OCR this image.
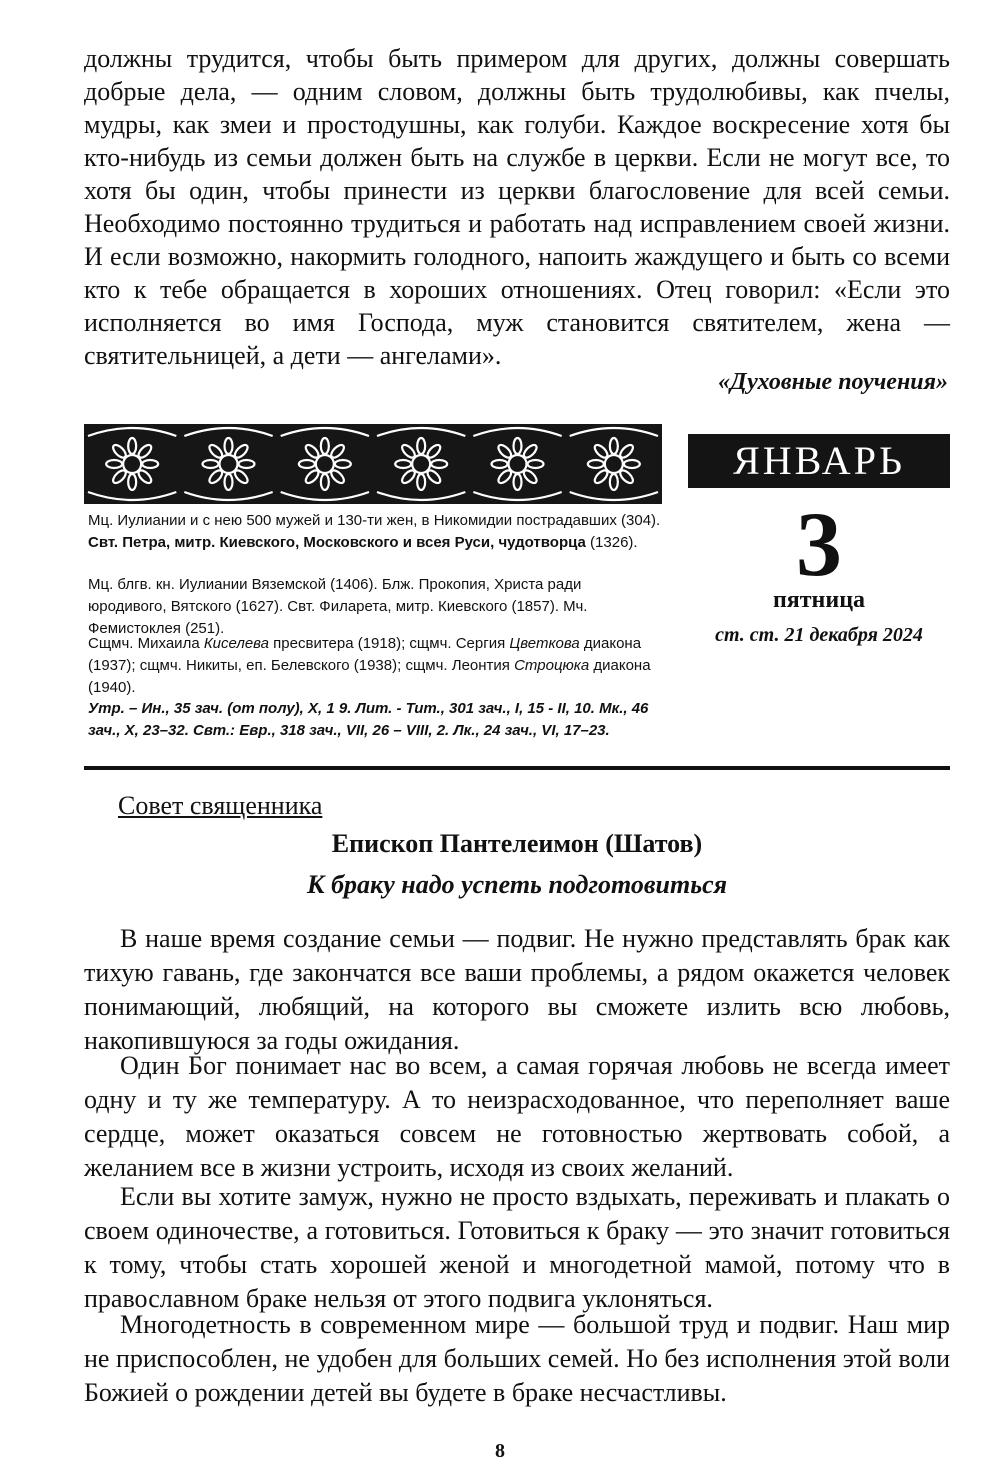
должны трудится, чтобы быть примером для других, должны совершать добрые дела, — одним словом, должны быть трудолюбивы, как пчелы, мудры, как змеи и простодушны, как голуби. Каждое воскресение хотя бы кто-нибудь из семьи должен быть на службе в церкви. Если не могут все, то хотя бы один, чтобы принести из церкви благословение для всей семьи. Необходимо постоянно трудиться и работать над исправлением своей жизни. И если возможно, накормить голодного, напоить жаждущего и быть со всеми кто к тебе обращается в хороших отношениях. Отец говорил: «Если это исполняется во имя Господа, муж становится святителем, жена — святительницей, а дети — ангелами».

«Духовные поучения»
ЯНВАРЬ
3
пятница
ст. ст. 21 декабря 2024

Мц. Иулиании и с нею 500 мужей и 130-ти жен, в Никомидии пострадавших (304). Свт. Петра, митр. Киевского, Московского и всея Руси, чудотворца (1326).

Мц. блгв. кн. Иулиании Вяземской (1406). Блж. Прокопия, Христа ради юродивого, Вятского (1627). Свт. Филарета, митр. Киевского (1857). Мч. Фемистоклея (251).

Сщмч. Михаила Киселева пресвитера (1918); сщмч. Сергия Цветкова диакона (1937); сщмч. Никиты, еп. Белевского (1938); сщмч. Леонтия Строцюка диакона (1940).

Утр. – Ин., 35 зач. (от полу), X, 1 9. Лит. - Тит., 301 зач., I, 15 - II, 10. Мк., 46 зач., X, 23–32. Свт.: Евр., 318 зач., VII, 26 – VIII, 2. Лк., 24 зач., VI, 17–23.

Совет священника
Епископ Пантелеимон (Шатов)
К браку надо успеть подготовиться

В наше время создание семьи — подвиг. Не нужно представлять брак как тихую гавань, где закончатся все ваши проблемы, а рядом окажется человек понимающий, любящий, на которого вы сможете излить всю любовь, накопившуюся за годы ожидания.

Один Бог понимает нас во всем, а самая горячая любовь не всегда имеет одну и ту же температуру. А то неизрасходованное, что переполняет ваше сердце, может оказаться совсем не готовностью жертвовать собой, а желанием все в жизни устроить, исходя из своих желаний.

Если вы хотите замуж, нужно не просто вздыхать, переживать и плакать о своем одиночестве, а готовиться. Готовиться к браку — это значит готовиться к тому, чтобы стать хорошей женой и многодетной мамой, потому что в православном браке нельзя от этого подвига уклоняться.

Многодетность в современном мире — большой труд и подвиг. Наш мир не приспособлен, не удобен для больших семей. Но без исполнения этой воли Божией о рождении детей вы будете в браке несчастливы.

8
